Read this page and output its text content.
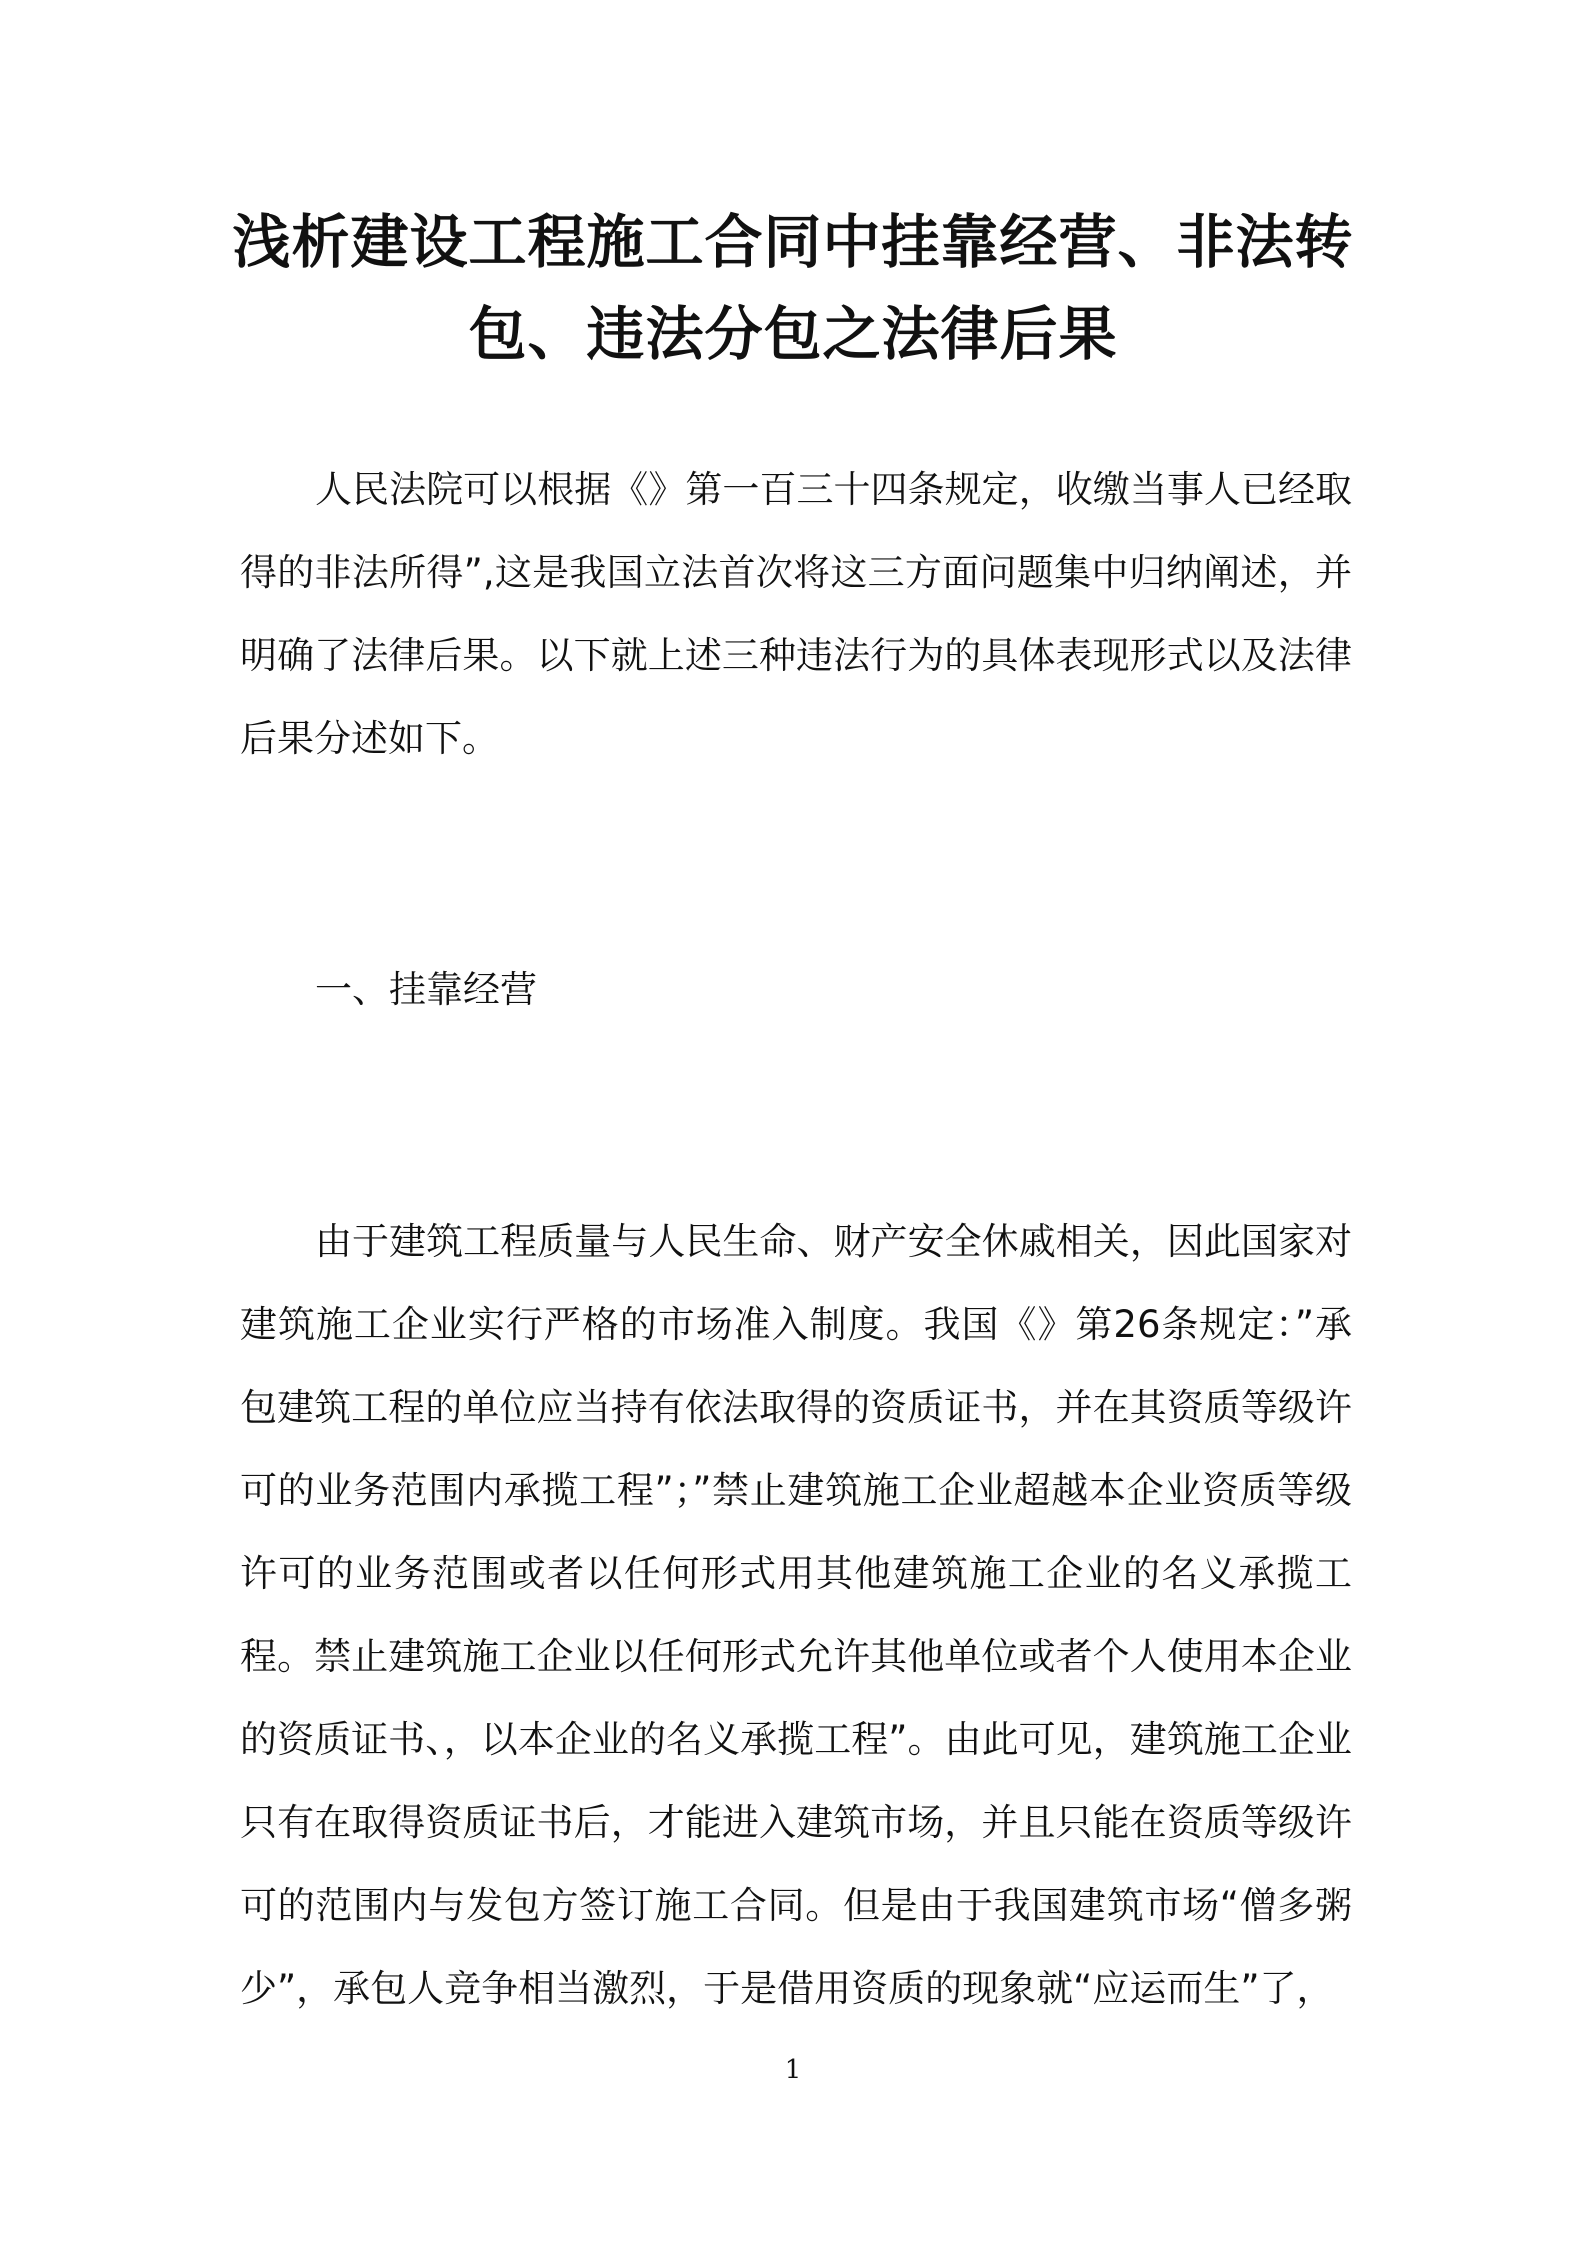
浅析建设工程施工合同中挂靠经营、非法转包、违法分包之法律后果

人民法院可以根据《》第一百三十四条规定，收缴当事人已经取得的非法所得”,这是我国立法首次将这三方面问题集中归纳阐述，并明确了法律后果。以下就上述三种违法行为的具体表现形式以及法律后果分述如下。

一、挂靠经营

由于建筑工程质量与人民生命、财产安全休戚相关，因此国家对建筑施工企业实行严格的市场准入制度。我国《》第26条规定：”承包建筑工程的单位应当持有依法取得的资质证书，并在其资质等级许可的业务范围内承揽工程”；”禁止建筑施工企业超越本企业资质等级许可的业务范围或者以任何形式用其他建筑施工企业的名义承揽工程。禁止建筑施工企业以任何形式允许其他单位或者个人使用本企业的资质证书、，以本企业的名义承揽工程”。由此可见，建筑施工企业只有在取得资质证书后，才能进入建筑市场，并且只能在资质等级许可的范围内与发包方签订施工合同。但是由于我国建筑市场“僧多粥少”，承包人竞争相当激烈，于是借用资质的现象就“应运而生”了，

1
